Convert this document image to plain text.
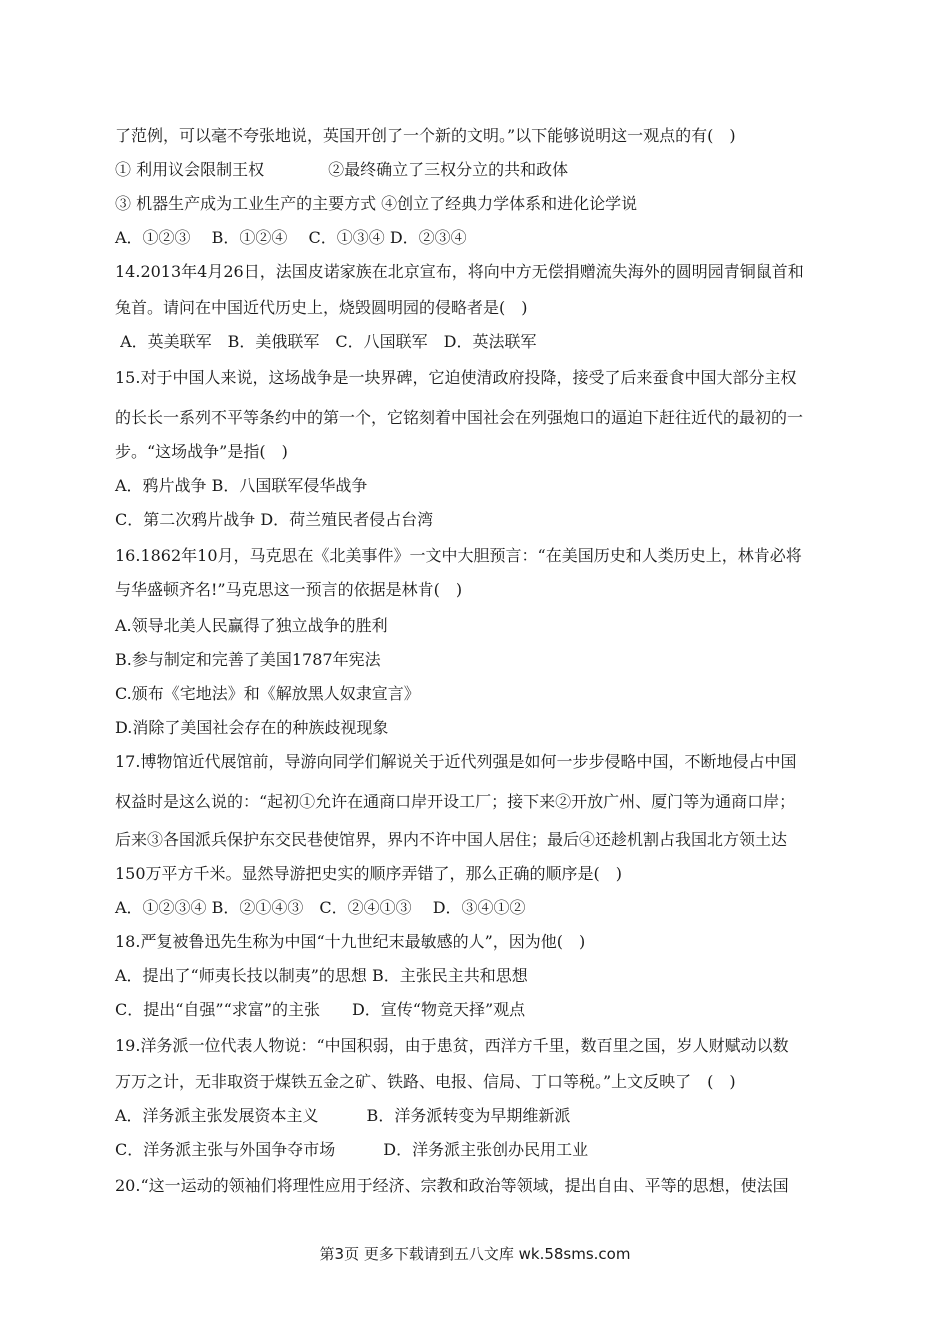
了范例，可以毫不夸张地说，英国开创了一个新的文明。”以下能够说明这一观点的有(　)
① 利用议会限制王权　　　　②最终确立了三权分立的共和政体
③ 机器生产成为工业生产的主要方式 ④创立了经典力学体系和进化论学说
A．①②③　 B．①②④　 C．①③④ D．②③④
14.2013年4月26日，法国皮诺家族在北京宣布，将向中方无偿捐赠流失海外的圆明园青铜鼠首和
兔首。请问在中国近代历史上，烧毁圆明园的侵略者是(　)
A．英美联军　B．美俄联军　C．八国联军　D．英法联军
15.对于中国人来说，这场战争是一块界碑，它迫使清政府投降，接受了后来蚕食中国大部分主权
的长长一系列不平等条约中的第一个，它铭刻着中国社会在列强炮口的逼迫下赶往近代的最初的一
步。“这场战争”是指(　)
A．鸦片战争 B．八国联军侵华战争
C．第二次鸦片战争 D．荷兰殖民者侵占台湾
16.1862年10月，马克思在《北美事件》一文中大胆预言：“在美国历史和人类历史上，林肯必将
与华盛顿齐名!”马克思这一预言的依据是林肯(　)
A.领导北美人民赢得了独立战争的胜利
B.参与制定和完善了美国1787年宪法
C.颁布《宅地法》和《解放黑人奴隶宣言》
D.消除了美国社会存在的种族歧视现象
17.博物馆近代展馆前，导游向同学们解说关于近代列强是如何一步步侵略中国，不断地侵占中国
权益时是这么说的：“起初①允许在通商口岸开设工厂；接下来②开放广州、厦门等为通商口岸；
后来③各国派兵保护东交民巷使馆界，界内不许中国人居住；最后④还趁机割占我国北方领土达
150万平方千米。显然导游把史实的顺序弄错了，那么正确的顺序是(　)
A．①②③④ B．②①④③　C．②④①③　 D．③④①②
18.严复被鲁迅先生称为中国“十九世纪末最敏感的人”，因为他(　)
A．提出了“师夷长技以制夷”的思想 B．主张民主共和思想
C．提出“自强”“求富”的主张　　D．宣传“物竞天择”观点
19.洋务派一位代表人物说：“中国积弱，由于患贫，西洋方千里，数百里之国，岁人财赋动以数
万万之计，无非取资于煤铁五金之矿、铁路、电报、信局、丁口等税。”上文反映了　(　)
A．洋务派主张发展资本主义　　　B．洋务派转变为早期维新派
C．洋务派主张与外国争夺市场　　　D．洋务派主张创办民用工业
20.“这一运动的领袖们将理性应用于经济、宗教和政治等领域，提出自由、平等的思想，使法国
第3页 更多下载请到五八文库 wk.58sms.com
